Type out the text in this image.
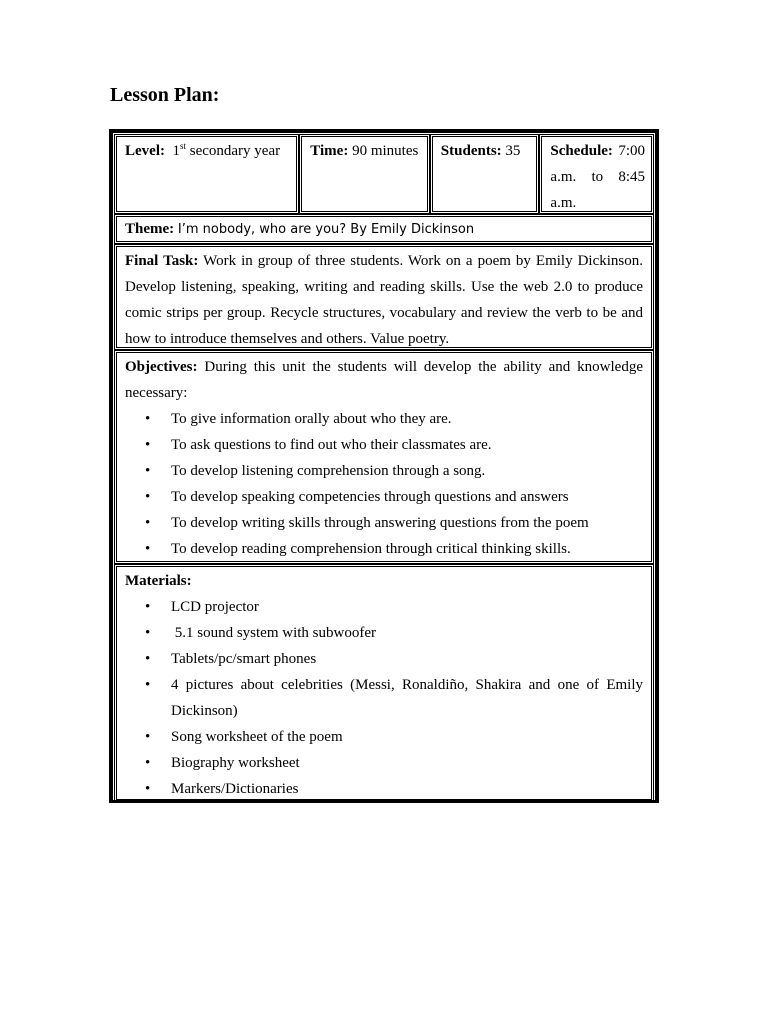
Lesson Plan:
Level: 1st secondary year	Time: 90 minutes	Students: 35	Schedule: 7:00
a.m. to 8:45
a.m.
Theme: I’m nobody, who are you? By Emily Dickinson
Final Task: Work in group of three students. Work on a poem by Emily Dickinson. Develop listening, speaking, writing and reading skills. Use the web 2.0 to produce comic strips per group. Recycle structures, vocabulary and review the verb to be and how to introduce themselves and others. Value poetry.
Objectives: During this unit the students will develop the ability and knowledge necessary:
• To give information orally about who they are.
• To ask questions to find out who their classmates are.
• To develop listening comprehension through a song.
• To develop speaking competencies through questions and answers
• To develop writing skills through answering questions from the poem
• To develop reading comprehension through critical thinking skills.
Materials:
• LCD projector
• 5.1 sound system with subwoofer
• Tablets/pc/smart phones
• 4 pictures about celebrities (Messi, Ronaldiño, Shakira and one of Emily
Dickinson)
• Song worksheet of the poem
• Biography worksheet
• Markers/Dictionaries
